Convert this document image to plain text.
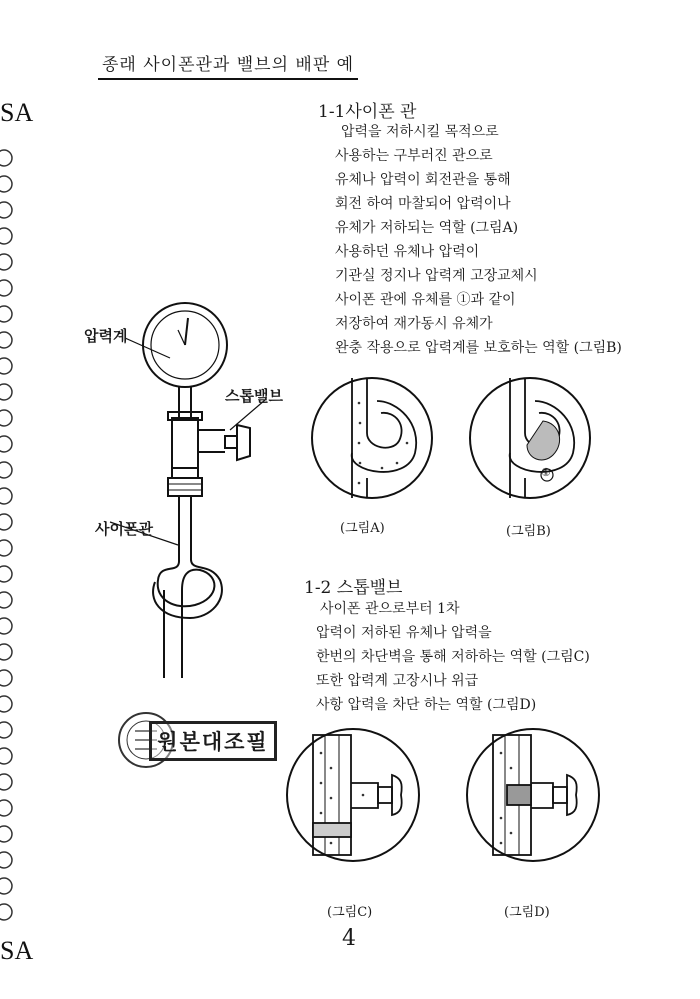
SA
SA
종래 사이폰관과 밸브의 배판 예
1-1사이폰 관
압력을 저하시킬 목적으로
사용하는 구부러진 관으로
유체나 압력이 회전관을 통해
회전 하여 마찰되어 압력이나
유체가 저하되는 역할 (그림A)
사용하던 유체나 압력이
기관실 정지나 압력계 고장교체시
사이폰 관에 유체를 ①과 같이
저장하여 재가동시 유체가
완충 작용으로 압력계를 보호하는 역할 (그림B)
압력계
스톱밸브
사이폰관	(그림A)
①
(그림B)
1-2 스톱밸브
사이폰 관으로부터 1차
압력이 저하된 유체나 압력을
한번의 차단벽을 통해 저하하는 역할 (그림C)
또한 압력계 고장시나 위급
사항 압력을 차단 하는 역할 (그림D)
원본대조필
(그림C)	(그림D)
4
